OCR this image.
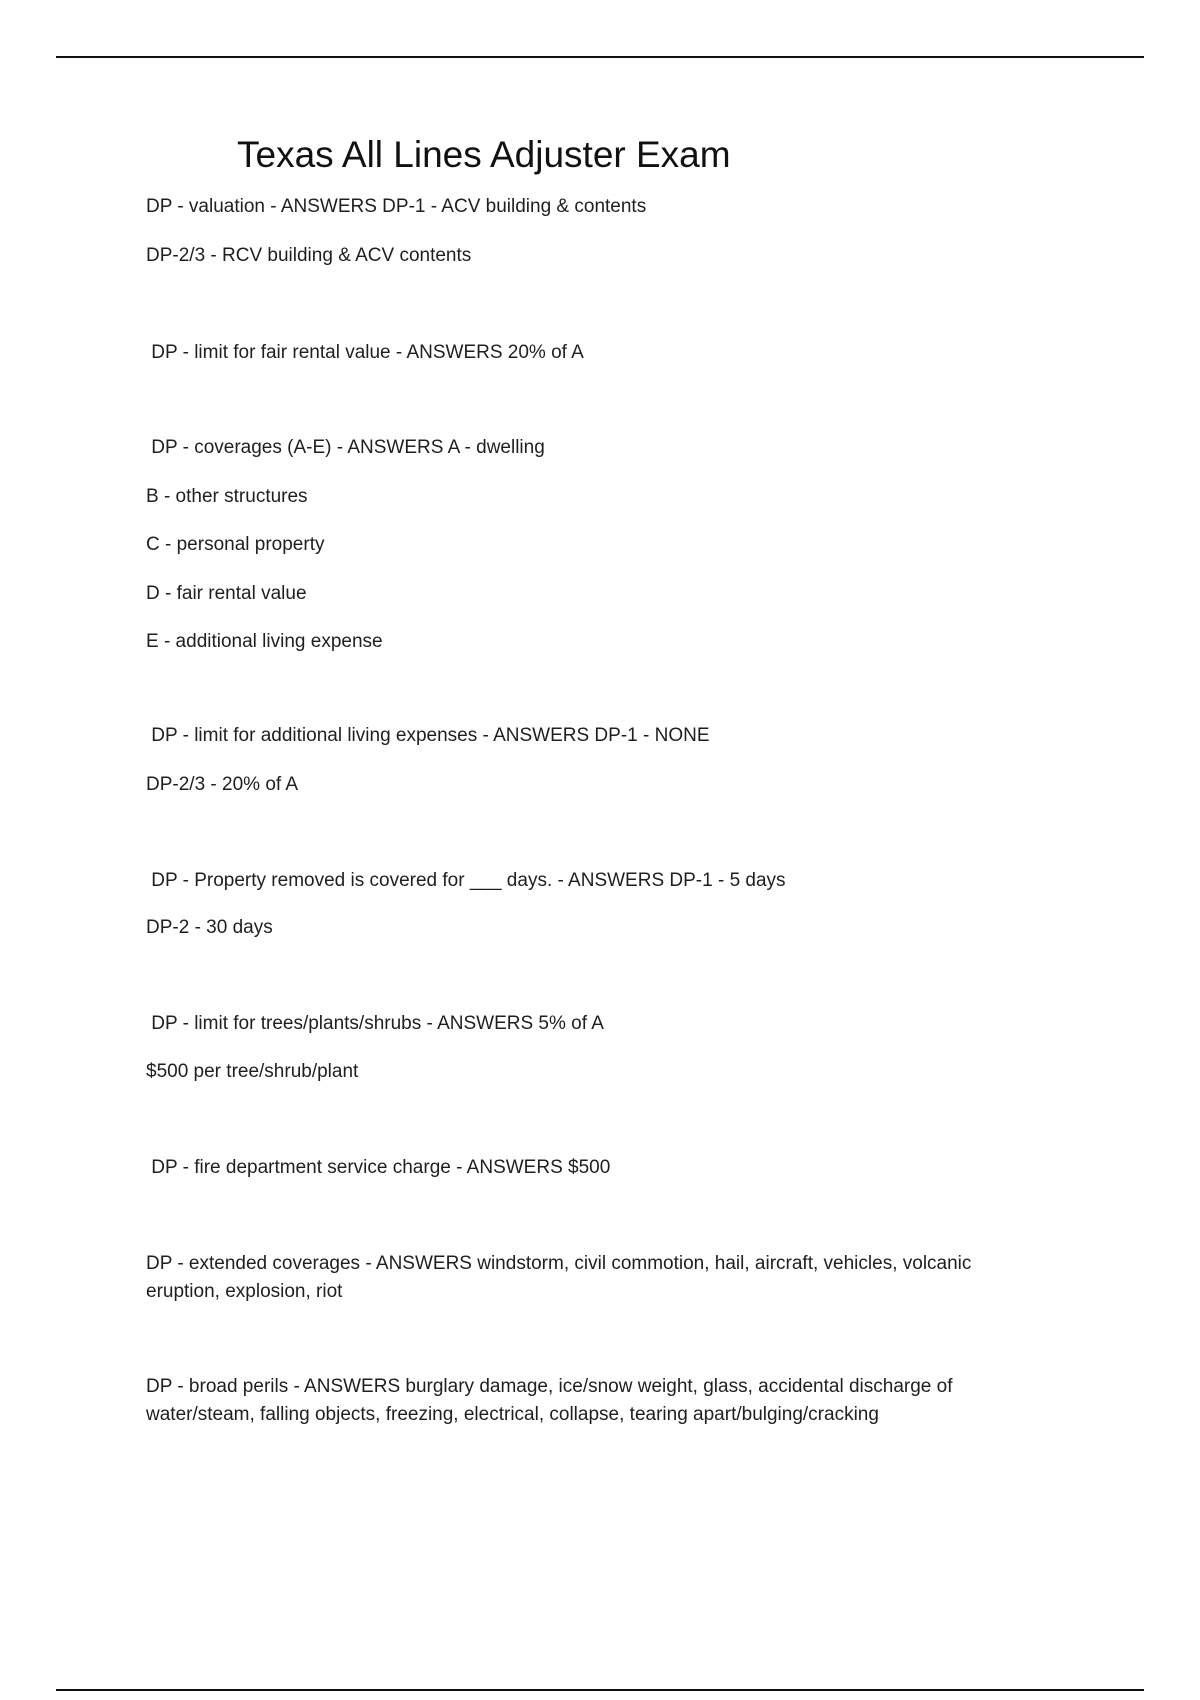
Texas All Lines Adjuster Exam

DP - valuation - ANSWERS DP-1 - ACV building & contents

DP-2/3 - RCV building & ACV contents

DP - limit for fair rental value - ANSWERS 20% of A

DP - coverages (A-E) - ANSWERS A - dwelling

B - other structures

C - personal property

D - fair rental value

E - additional living expense

DP - limit for additional living expenses - ANSWERS DP-1 - NONE

DP-2/3 - 20% of A

DP - Property removed is covered for ___ days. - ANSWERS DP-1 - 5 days

DP-2 - 30 days

DP - limit for trees/plants/shrubs - ANSWERS 5% of A

$500 per tree/shrub/plant

DP - fire department service charge - ANSWERS $500

DP - extended coverages - ANSWERS windstorm, civil commotion, hail, aircraft, vehicles, volcanic eruption, explosion, riot

DP - broad perils - ANSWERS burglary damage, ice/snow weight, glass, accidental discharge of water/steam, falling objects, freezing, electrical, collapse, tearing apart/bulging/cracking
